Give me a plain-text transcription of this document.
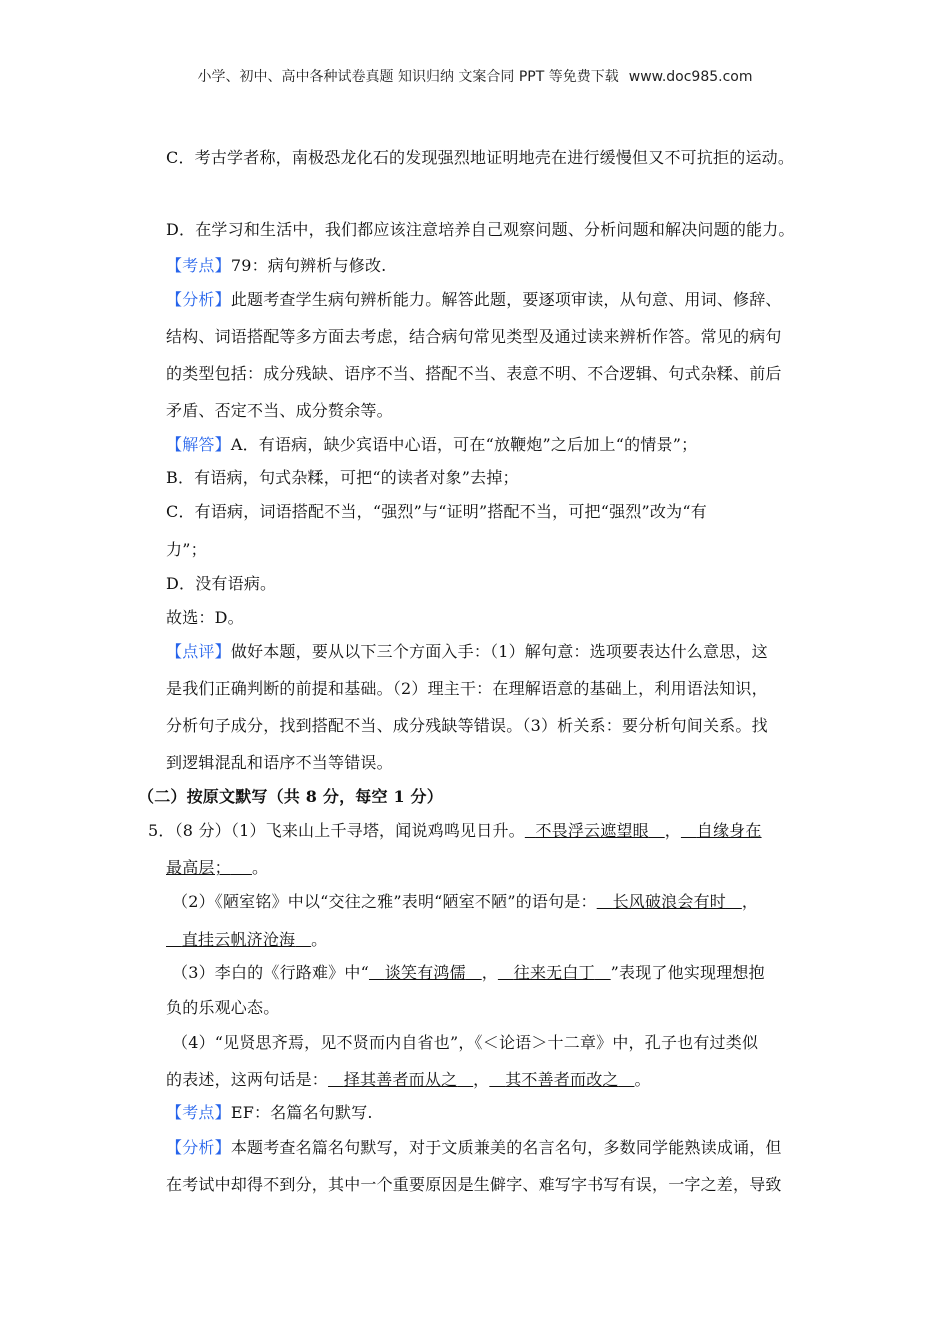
小学、初中、高中各种试卷真题 知识归纳 文案合同 PPT 等免费下载 www.doc985.com
C．考古学者称，南极恐龙化石的发现强烈地证明地壳在进行缓慢但又不可抗拒的运动。
D．在学习和生活中，我们都应该注意培养自己观察问题、分析问题和解决问题的能力。
【考点】79：病句辨析与修改.
【分析】此题考查学生病句辨析能力。解答此题，要逐项审读，从句意、用词、修辞、
结构、词语搭配等多方面去考虑，结合病句常见类型及通过读来辨析作答。常见的病句
的类型包括：成分残缺、语序不当、搭配不当、表意不明、不合逻辑、句式杂糅、前后
矛盾、否定不当、成分赘余等。
【解答】A．有语病，缺少宾语中心语，可在“放鞭炮”之后加上“的情景”；
B．有语病，句式杂糅，可把“的读者对象”去掉；
C．有语病，词语搭配不当，“强烈”与“证明”搭配不当，可把“强烈”改为“有
力”；
D．没有语病。
故选：D。
【点评】做好本题，要从以下三个方面入手：（1）解句意：选项要表达什么意思，这
是我们正确判断的前提和基础。（2）理主干：在理解语意的基础上，利用语法知识，
分析句子成分，找到搭配不当、成分残缺等错误。（3）析关系：要分析句间关系。找
到逻辑混乱和语序不当等错误。
（二）按原文默写（共 8 分，每空 1 分）
5．（8 分）（1）飞来山上千寻塔，闻说鸡鸣见日升。 不畏浮云遮望眼 ， 自缘身在
最高层； 。
（2）《陋室铭》中以“交往之雅”表明“陋室不陋”的语句是： 长风破浪会有时 ，
直挂云帆济沧海 。
（3）李白的《行路难》中“ 谈笑有鸿儒 ， 往来无白丁 ”表现了他实现理想抱
负的乐观心态。
（4）“见贤思齐焉，见不贤而内自省也”，《＜论语＞十二章》中，孔子也有过类似
的表述，这两句话是： 择其善者而从之 ， 其不善者而改之 。
【考点】EF：名篇名句默写.
【分析】本题考查名篇名句默写，对于文质兼美的名言名句，多数同学能熟读成诵，但
在考试中却得不到分，其中一个重要原因是生僻字、难写字书写有误，一字之差，导致
